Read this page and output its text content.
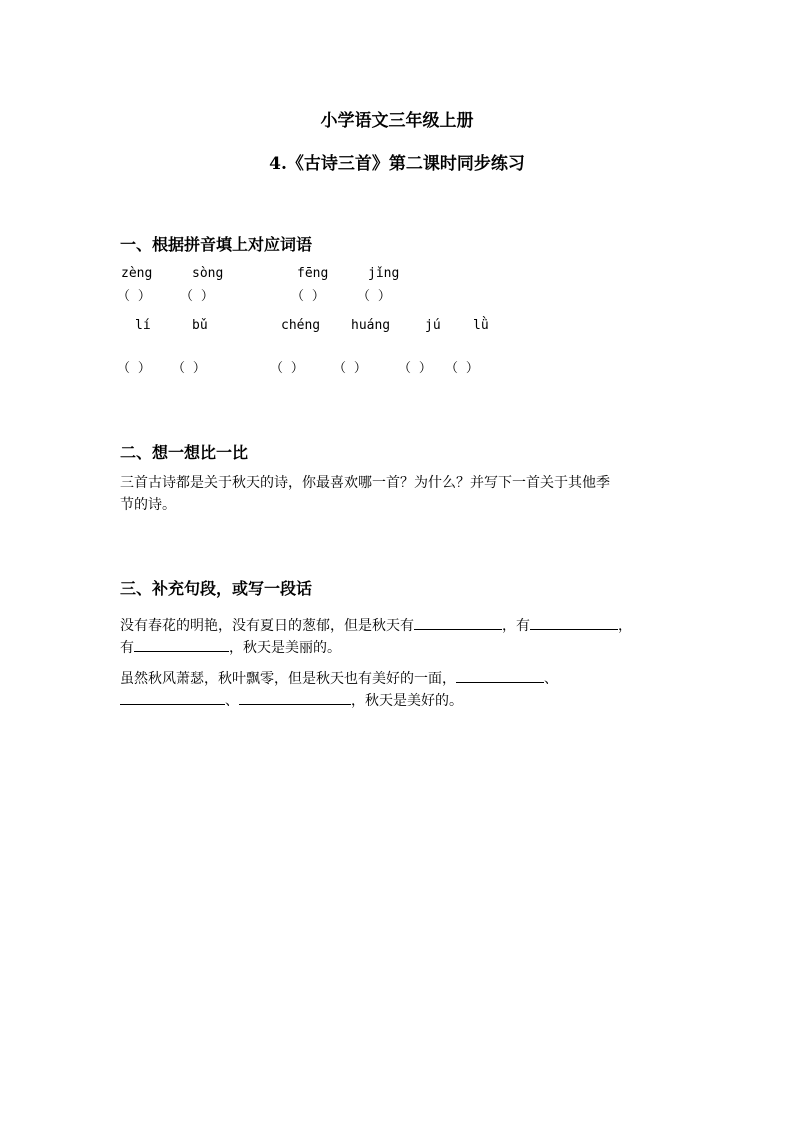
小学语文三年级上册
4.《古诗三首》第二课时同步练习
一、根据拼音填上对应词语
zèng	sòng	fēng	jǐng
（ ） （ ）	（ ） （ ）
lí	bǔ	chéng huáng	jú lǜ
（ ） （ ）	（ ） （ ） （ ） （ ）
二、想一想比一比
三首古诗都是关于秋天的诗，你最喜欢哪一首？为什么？并写下一首关于其他季
节的诗。
三、补充句段，或写一段话
没有春花的明艳，没有夏日的葱郁，但是秋天有	，有	，
有	，秋天是美丽的。
虽然秋风萧瑟，秋叶飘零，但是秋天也有美好的一面，	、
、	，秋天是美好的。
